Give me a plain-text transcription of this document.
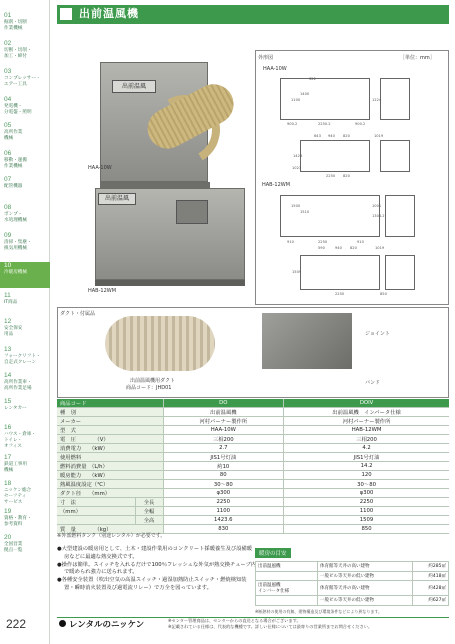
01
掘削・切断
作業機械
02
切断・切削・
加工・締付
03
コンプレッサー・
エアー工具
04
発電機・
分電盤・照明
05
高所作業
機械
06
移動・運搬
作業機械
07
配管機器
08
ポンプ・
水処理機械
09
清掃・集塵・
換気用機械
10
冷暖房機械
11
IT商品
12
安全保安
用品
13
フォークリフト・
自走式クレーン
14
高所作業車・
高所作業足場
15
レンタカー
16
ハウス・倉庫・
トイレ・
オフィス
17
鉄道工事用
機械
18
ニッケン総合
セーフティ
サービス
19
資格・教育・
参考資料
20
全国営業
拠点一覧
222
出前温風機
出前温風
HAA-10W
出前温風
HAB-12WM
外形図	［単位：mm］
HAA-10W
HAB-12WM
322
1100
1400
1224
900.2	2250.2	900.2
643 940 820	1019
1423
1023
2250 820
1500
910	2250	910
1001
1510
1304.2
590	940 820	1019
1509
2250	850
ダクト・付属品
出前温風機用ダクト
商品コード：JHD01
ジョイント
バンド
商品コード		DO	DOIV
種　別		出前温風機	出前温風機　インバータ仕様
メーカー		河村バーナー製作所	河村バーナー製作所
型　式		HAA-10W	HAB-12WM
電　圧　　　　（V）		三相200	三相200
消費電力　　（kW）		2.7	4.2
使用燃料		JIS1号灯油	JIS1号灯油
燃料消費量　（L/h）		約10	14.2
暖房能力　　（kW）		80	120
熱風温度設定（℃）		30～80	30～80
ダクト径　　（mm）		φ300	φ300
寸　法	全長	2250	2250
（mm）	全幅	1100	1100
	全高	1423.6	1509
質　量　　　　（kg）		830	850
※外部燃料タンク（別途レンタル）が必要です。
●大型建設の暖房用として、土木・建設作業用のコンクリート採暖養生及び設備暖房などに最適な熱交換式です。
●操作は簡単。スイッチを入れるだけで100％フレッシュな外気が熱交換チューブ内で暖められ強力に送られます。
●各種安全装置（吹出空気の高温スイッチ・過湿加熱防止スイッチ・燃焼検知装置・瞬時消火装置及び過電流リレー）で万全を図っています。
暖房の目安
出前温風機	体育館等天井の高い建物	約285㎡
	一般ビル等天井の低い建物	約418㎡
出前温風機
インバータ仕様	体育館等天井の高い建物	約428㎡
	一般ビル等天井の低い建物	約627㎡
※断熱材の使用の有無、建物構造及び環境条件などにより異なります。
レンタルのニッケン	※センター管理商品は、センターからの直送となる場合がございます。
※記載されている仕様は、代表的な機種です。詳しい仕様については最寄りの営業所までお問合せください。
